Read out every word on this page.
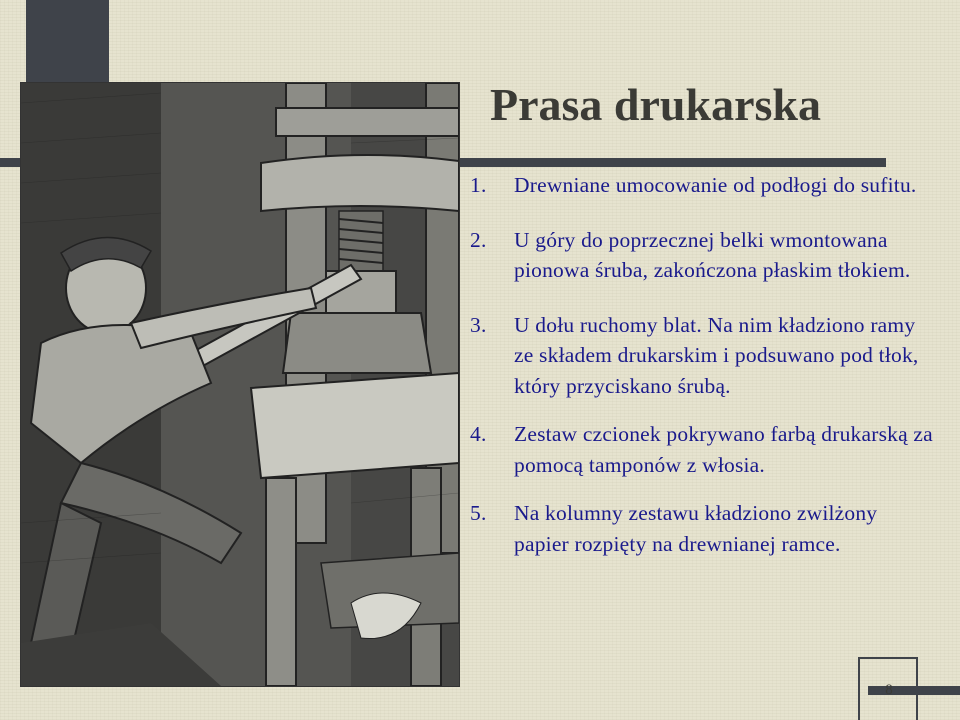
Prasa drukarska
1.	Drewniane umocowanie od podłogi do sufitu.
2.	U góry do poprzecznej belki wmontowana pionowa śruba, zakończona płaskim tłokiem.
3.	U dołu ruchomy blat. Na nim kładziono ramy ze składem drukarskim i podsuwano pod tłok, który przyciskano śrubą.
4.	Zestaw czcionek pokrywano farbą drukarską za pomocą tamponów z włosia.
5.	Na kolumny zestawu kładziono zwilżony papier rozpięty na drewnianej ramce.
8
